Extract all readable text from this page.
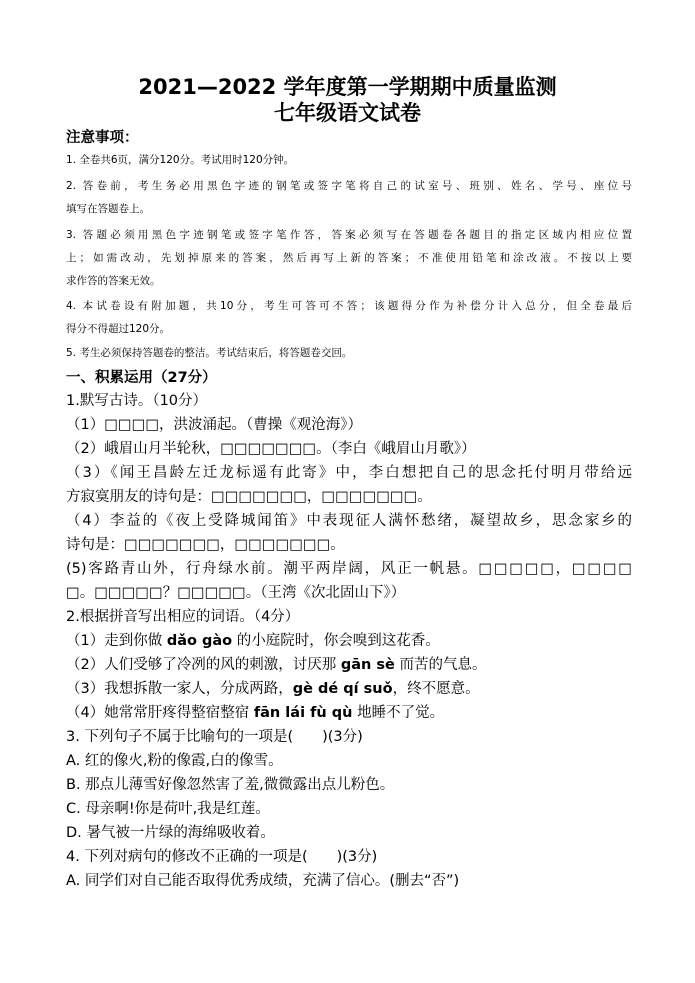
2021—2022 学年度第一学期期中质量监测
七年级语文试卷
注意事项：
1. 全卷共6页，满分120分。考试用时120分钟。
2. 答卷前，考生务必用黑色字迹的钢笔或签字笔将自己的试室号、班别、姓名、学号、座位号
填写在答题卷上。
3. 答题必须用黑色字迹钢笔或签字笔作答，答案必须写在答题卷各题目的指定区域内相应位置
上；如需改动，先划掉原来的答案，然后再写上新的答案；不准使用铅笔和涂改液。不按以上要
求作答的答案无效。
4. 本试卷设有附加题，共10分，考生可答可不答；该题得分作为补偿分计入总分，但全卷最后
得分不得超过120分。
5. 考生必须保持答题卷的整洁。考试结束后，将答题卷交回。
一、积累运用（27分）
1.默写古诗。（10分）
（1）□□□□，洪波涌起。（曹操《观沧海》）
（2）峨眉山月半轮秋，□□□□□□□。（李白《峨眉山月歌》）
（3）《闻王昌龄左迁龙标遥有此寄》中，李白想把自己的思念托付明月带给远
方寂寞朋友的诗句是：□□□□□□□，□□□□□□□。
（4）李益的《夜上受降城闻笛》中表现征人满怀愁绪，凝望故乡，思念家乡的
诗句是：□□□□□□□，□□□□□□□。
(5)客路青山外，行舟绿水前。潮平两岸阔，风正一帆悬。□□□□□，□□□□
□。□□□□□？□□□□□。（王湾《次北固山下》）
2.根据拼音写出相应的词语。（4分）
（1）走到你做 dǎo gào 的小庭院时，你会嗅到这花香。
（2）人们受够了冷冽的风的刺激，讨厌那 gān sè 而苦的气息。
（3）我想拆散一家人，分成两路，gè dé qí suǒ，终不愿意。
（4）她常常肝疼得整宿整宿 fān lái fù qù 地睡不了觉。
3. 下列句子不属于比喻句的一项是(　　)(3分)
A. 红的像火,粉的像霞,白的像雪。
B. 那点儿薄雪好像忽然害了羞,微微露出点儿粉色。
C. 母亲啊!你是荷叶,我是红莲。
D. 暑气被一片绿的海绵吸收着。
4. 下列对病句的修改不正确的一项是(　　)(3分)
A. 同学们对自己能否取得优秀成绩，充满了信心。(删去“否”)
